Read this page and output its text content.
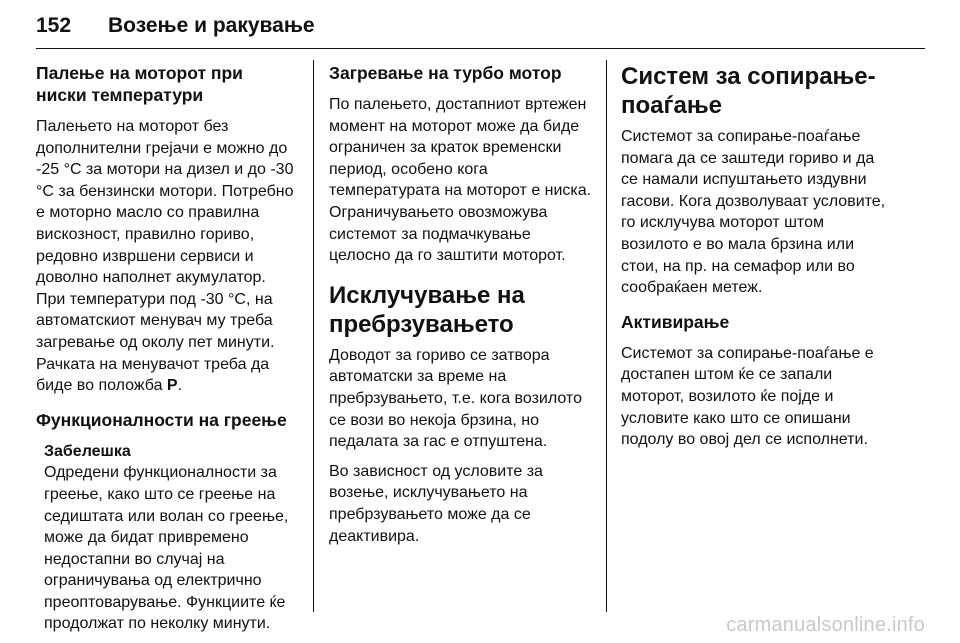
152 Возење и ракување
Палење на моторот при ниски температури

Палењето на моторот без дополнителни грејачи е можно до -25 °C за мотори на дизел и до -30 °C за бензински мотори. Потребно е моторно масло со правилна вискозност, правилно гориво, редовно извршени сервиси и доволно наполнет акумулатор. При температури под -30 °C, на автоматскиот менувач му треба загревање од околу пет минути. Рачката на менувачот треба да биде во положба P.

Функционалности на греење

Забелешка

Одредени функционалности за греење, како што се греење на седиштата или волан со греење, може да бидат привремено недостапни во случај на ограничувања од електрично преоптоварување. Функциите ќе продолжат по неколку минути.

Загревање на турбо мотор

По палењето, достапниот вртежен момент на моторот може да биде ограничен за краток временски период, особено кога температурата на моторот е ниска. Ограничувањето овозможува системот за подмачкување целосно да го заштити моторот.

Исклучување на пребрзувањето

Доводот за гориво се затвора автоматски за време на пребрзувањето, т.е. кога возилото се вози во некоја брзина, но педалата за гас е отпуштена.

Во зависност од условите за возење, исклучувањето на пребрзувањето може да се деактивира.

Систем за сопирање-поаѓање

Системот за сопирање-поаѓање помага да се заштеди гориво и да се намали испуштањето издувни гасови. Кога дозволуваат условите, го исклучува моторот штом возилото е во мала брзина или стои, на пр. на семафор или во сообраќаен метеж.

Активирање

Системот за сопирање-поаѓање е достапен штом ќе се запали моторот, возилото ќе појде и условите како што се опишани подолу во овој дел се исполнети.

carmanualsonline.info
